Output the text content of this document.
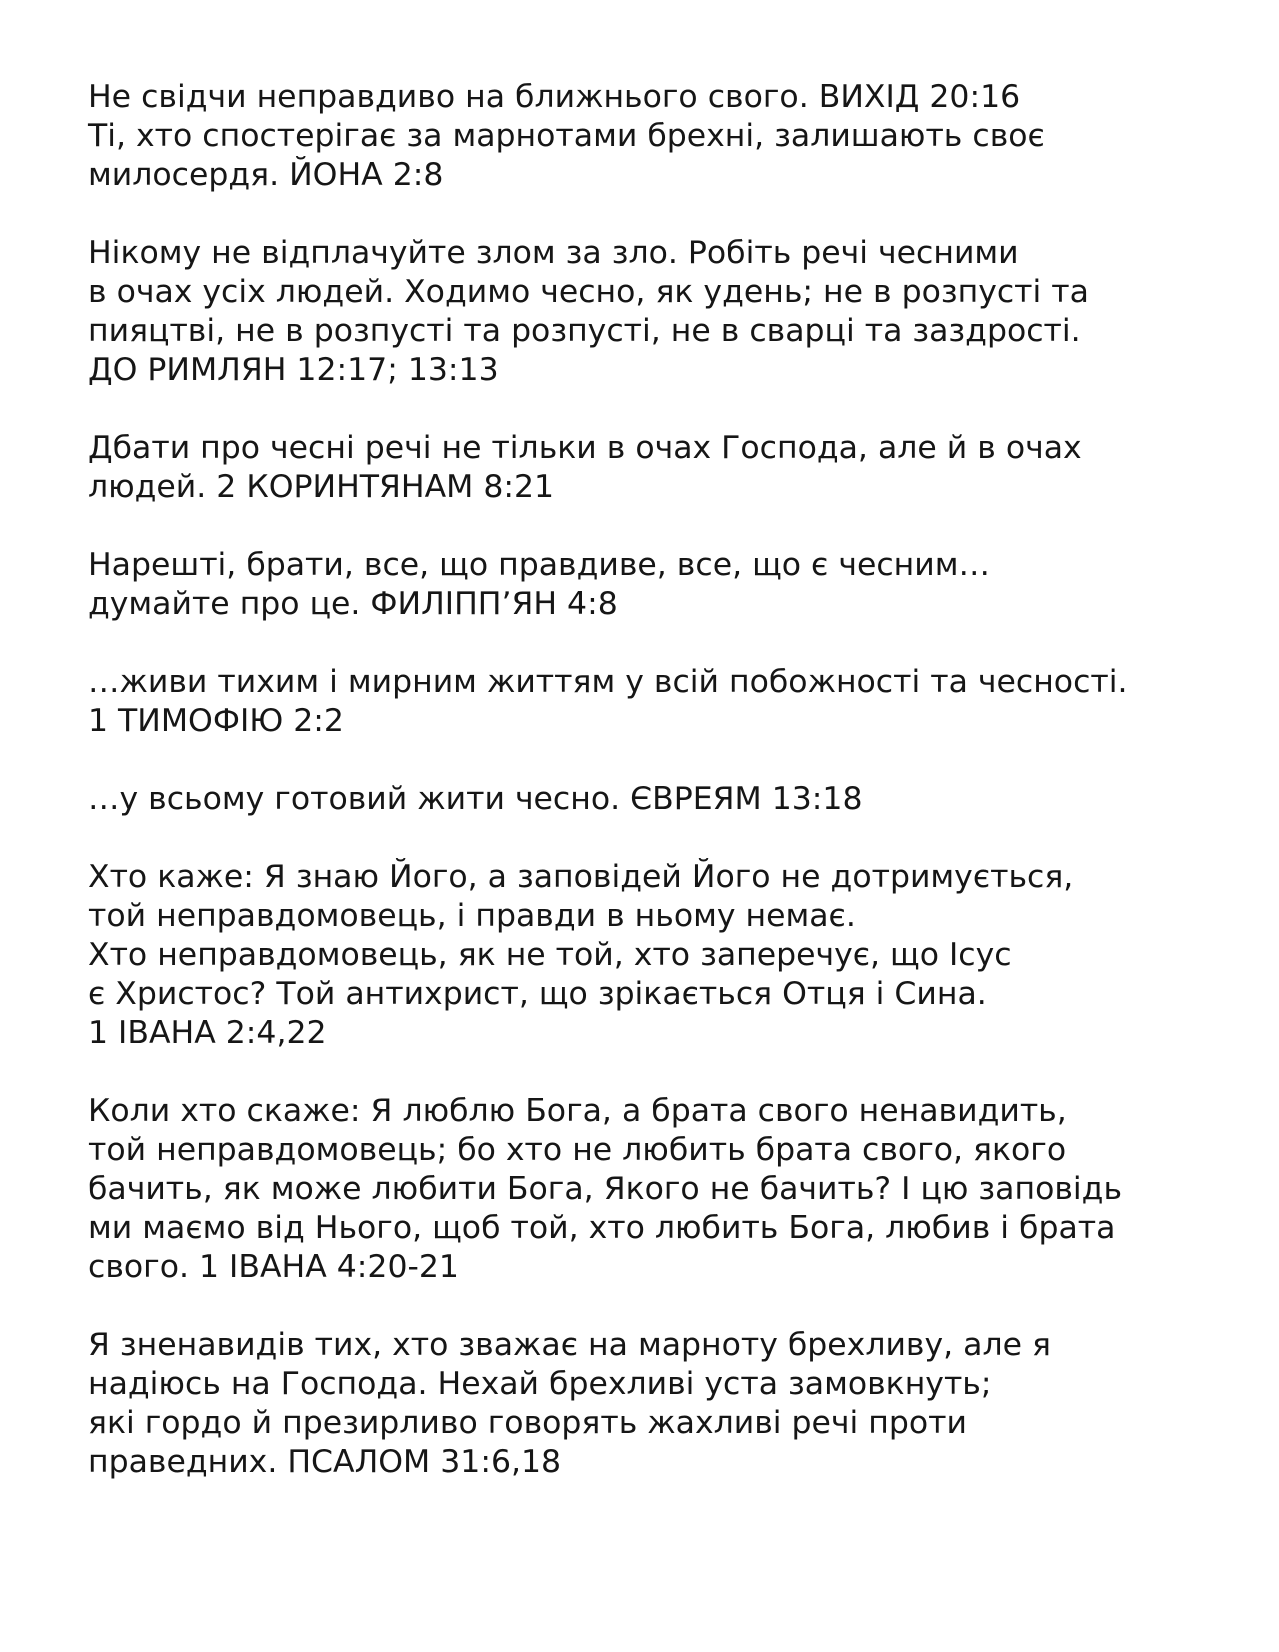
Не свідчи неправдиво на ближнього свого. ВИХІД 20:16
Ті, хто спостерігає за марнотами брехні, залишають своє
милосердя. ЙОНА 2:8

Нікому не відплачуйте злом за зло. Робіть речі чесними
в очах усіх людей. Ходимо чесно, як удень; не в розпусті та
пияцтві, не в розпусті та розпусті, не в сварці та заздрості.
ДО РИМЛЯН 12:17; 13:13

Дбати про чесні речі не тільки в очах Господа, але й в очах
людей. 2 КОРИНТЯНАМ 8:21

Нарешті, брати, все, що правдиве, все, що є чесним…
думайте про це. ФИЛІПП’ЯН 4:8

…живи тихим і мирним життям у всій побожності та чесності.
1 ТИМОФІЮ 2:2

…у всьому готовий жити чесно. ЄВРЕЯМ 13:18

Хто каже: Я знаю Його, а заповідей Його не дотримується,
той неправдомовець, і правди в ньому немає.
Хто неправдомовець, як не той, хто заперечує, що Ісус
є Христос? Той антихрист, що зрікається Отця і Сина.
1 ІВАНА 2:4,22

Коли хто скаже: Я люблю Бога, а брата свого ненавидить,
той неправдомовець; бо хто не любить брата свого, якого
бачить, як може любити Бога, Якого не бачить? І цю заповідь
ми маємо від Нього, щоб той, хто любить Бога, любив і брата
свого. 1 ІВАНА 4:20-21

Я зненавидів тих, хто зважає на марноту брехливу, але я
надіюсь на Господа. Нехай брехливі уста замовкнуть;
які гордо й презирливо говорять жахливі речі проти
праведних. ПСАЛОМ 31:6,18
